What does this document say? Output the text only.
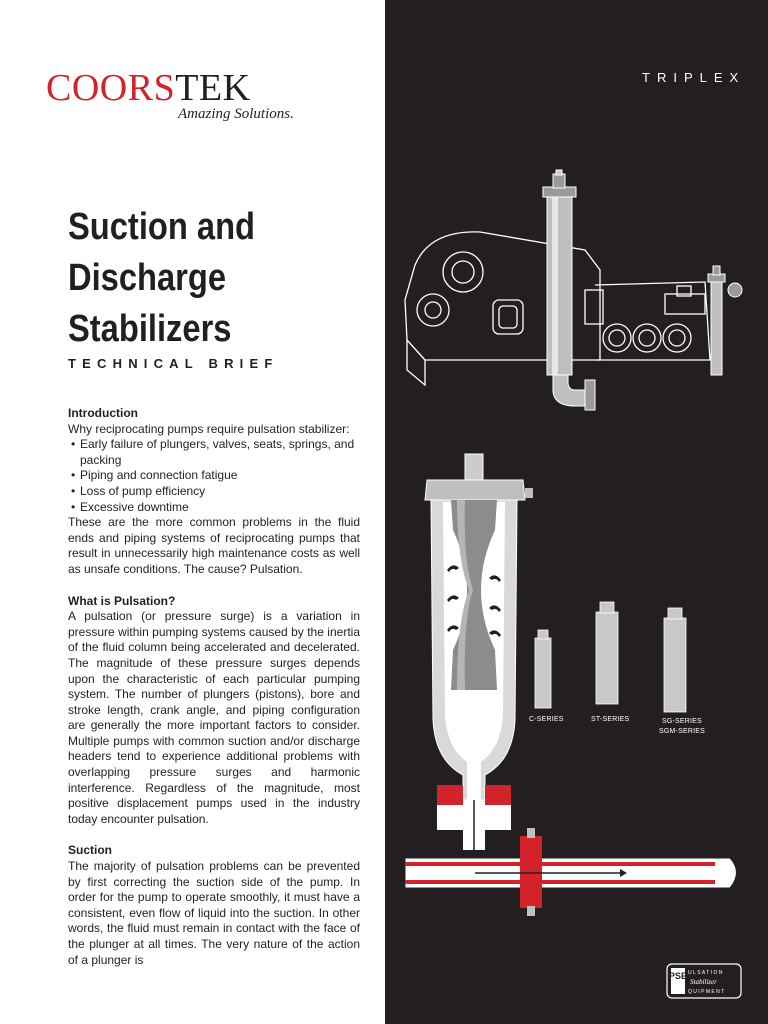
COORSTEK
Amazing Solutions.
Suction and
Discharge
Stabilizers
TECHNICAL BRIEF
Introduction

Why reciprocating pumps require pulsation stabilizer:

• Early failure of plungers, valves, seats, springs, and packing
• Piping and connection fatigue
• Loss of pump efficiency
• Excessive downtime

These are the more common problems in the fluid ends and piping systems of reciprocating pumps that result in unnecessarily high maintenance costs as well as unsafe conditions. The cause? Pulsation.

What is Pulsation?

A pulsation (or pressure surge) is a variation in pressure within pumping systems caused by the inertia of the fluid column being accelerated and decelerated. The magnitude of these pressure surges depends upon the characteristic of each particular pumping system. The number of plungers (pistons), bore and stroke length, crank angle, and piping configuration are generally the more important factors to consider. Multiple pumps with common suction and/or discharge headers tend to experience additional problems with overlapping pressure surges and harmonic interference. Regardless of the magnitude, most positive displacement pumps used in the industry today encounter pulsation.

Suction

The majority of pulsation problems can be prevented by first correcting the suction side of the pump. In order for the pump to operate smoothly, it must have a consistent, even flow of liquid into the suction. In other words, the fluid must remain in contact with the face of the plunger at all times. The very nature of the action of a plunger is

TRIPLEX
C-SERIES	ST-SERIES	SG-SERIES
SGM-SERIES
PSE ULSATION
Stabilizer
QUIPMENT
